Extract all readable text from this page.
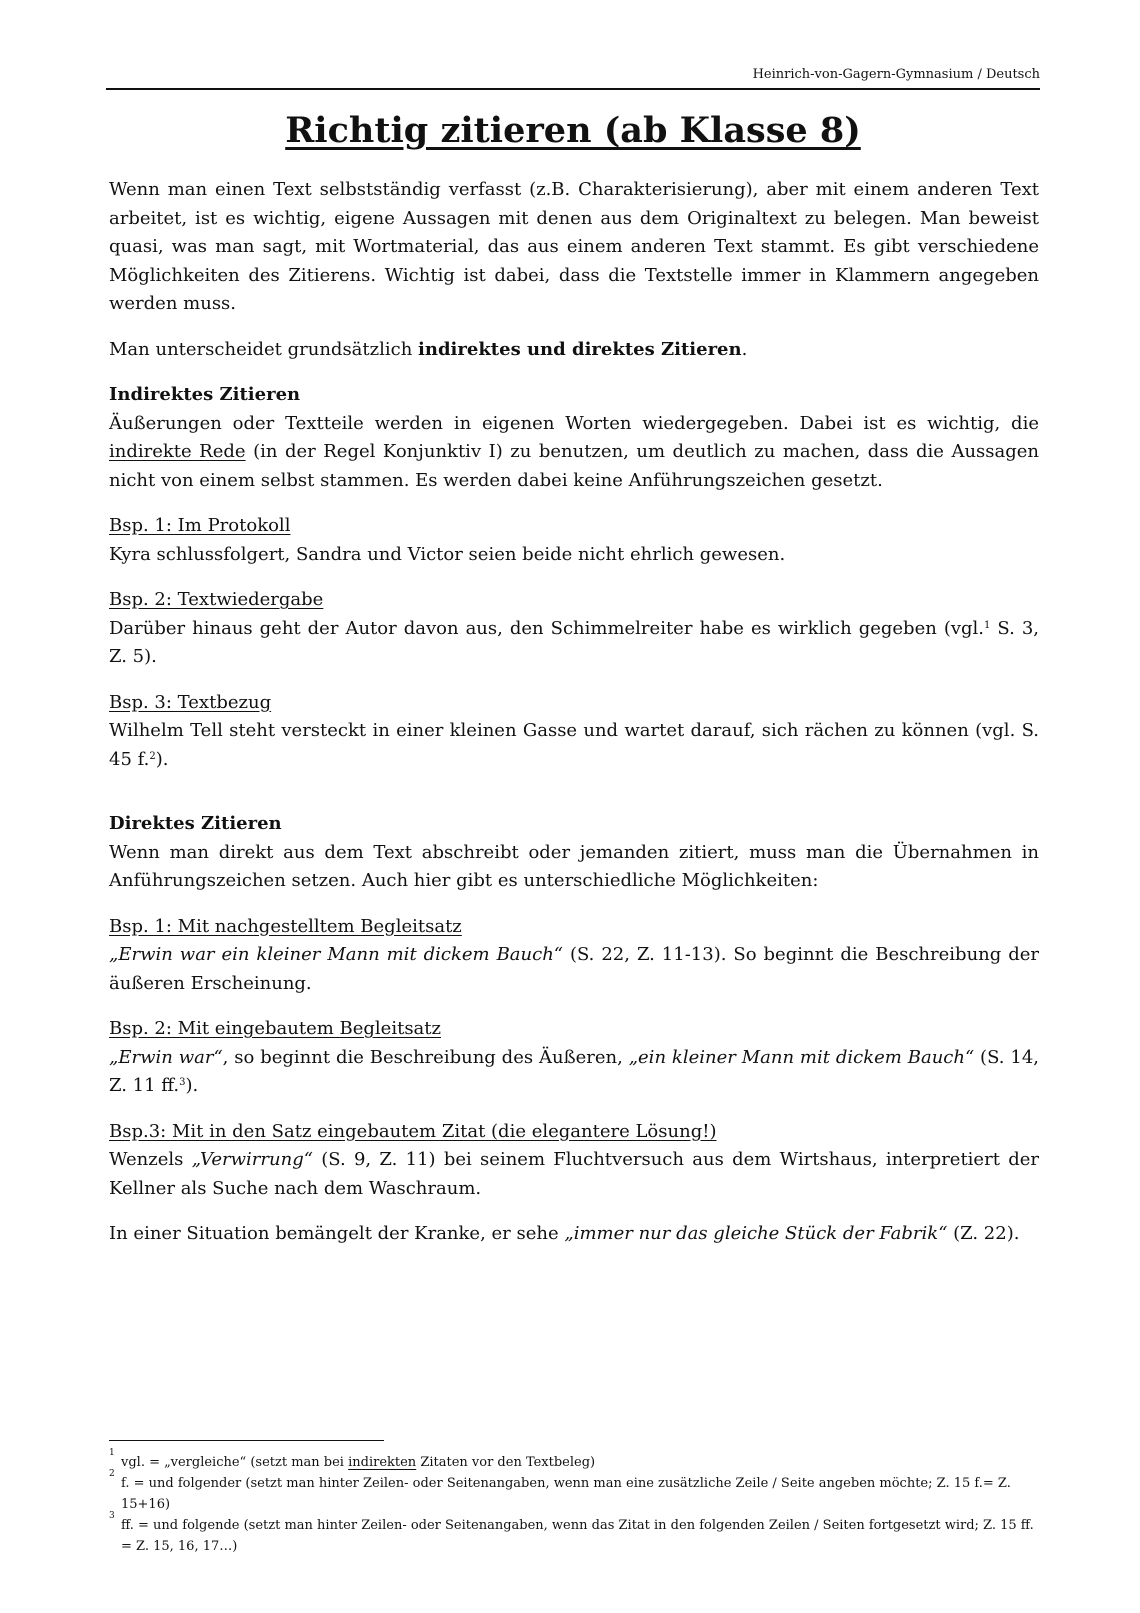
Heinrich-von-Gagern-Gymnasium / Deutsch
Richtig zitieren (ab Klasse 8)

Wenn man einen Text selbstständig verfasst (z.B. Charakterisierung), aber mit einem anderen Text arbeitet, ist es wichtig, eigene Aussagen mit denen aus dem Originaltext zu belegen. Man beweist quasi, was man sagt, mit Wortmaterial, das aus einem anderen Text stammt. Es gibt verschiedene Möglichkeiten des Zitierens. Wichtig ist dabei, dass die Textstelle immer in Klammern angegeben werden muss.

Man unterscheidet grundsätzlich indirektes und direktes Zitieren.

Indirektes Zitieren
Äußerungen oder Textteile werden in eigenen Worten wiedergegeben. Dabei ist es wichtig, die indirekte Rede (in der Regel Konjunktiv I) zu benutzen, um deutlich zu machen, dass die Aussagen nicht von einem selbst stammen. Es werden dabei keine Anführungszeichen gesetzt.

Bsp. 1: Im Protokoll
Kyra schlussfolgert, Sandra und Victor seien beide nicht ehrlich gewesen.

Bsp. 2: Textwiedergabe
Darüber hinaus geht der Autor davon aus, den Schimmelreiter habe es wirklich gegeben (vgl.$^1$ S. 3, Z. 5).

Bsp. 3: Textbezug
Wilhelm Tell steht versteckt in einer kleinen Gasse und wartet darauf, sich rächen zu können (vgl. S. 45 f.$^2$).

Direktes Zitieren
Wenn man direkt aus dem Text abschreibt oder jemanden zitiert, muss man die Übernahmen in Anführungszeichen setzen. Auch hier gibt es unterschiedliche Möglichkeiten:

Bsp. 1: Mit nachgestelltem Begleitsatz
„Erwin war ein kleiner Mann mit dickem Bauch“ (S. 22, Z. 11-13). So beginnt die Beschreibung der äußeren Erscheinung.

Bsp. 2: Mit eingebautem Begleitsatz
„Erwin war“, so beginnt die Beschreibung des Äußeren, „ein kleiner Mann mit dickem Bauch“ (S. 14, Z. 11 ff.$^3$).

Bsp.3: Mit in den Satz eingebautem Zitat (die elegantere Lösung!)
Wenzels „Verwirrung“ (S. 9, Z. 11) bei seinem Fluchtversuch aus dem Wirtshaus, interpretiert der Kellner als Suche nach dem Waschraum.

In einer Situation bemängelt der Kranke, er sehe „immer nur das gleiche Stück der Fabrik“ (Z. 22).

1
vgl. = „vergleiche“ (setzt man bei indirekten Zitaten vor den Textbeleg)

2
f. = und folgender (setzt man hinter Zeilen- oder Seitenangaben, wenn man eine zusätzliche Zeile / Seite angeben möchte; Z. 15 f.= Z. 15+16)

3
ff. = und folgende (setzt man hinter Zeilen- oder Seitenangaben, wenn das Zitat in den folgenden Zeilen / Seiten fortgesetzt wird; Z. 15 ff. = Z. 15, 16, 17…)
